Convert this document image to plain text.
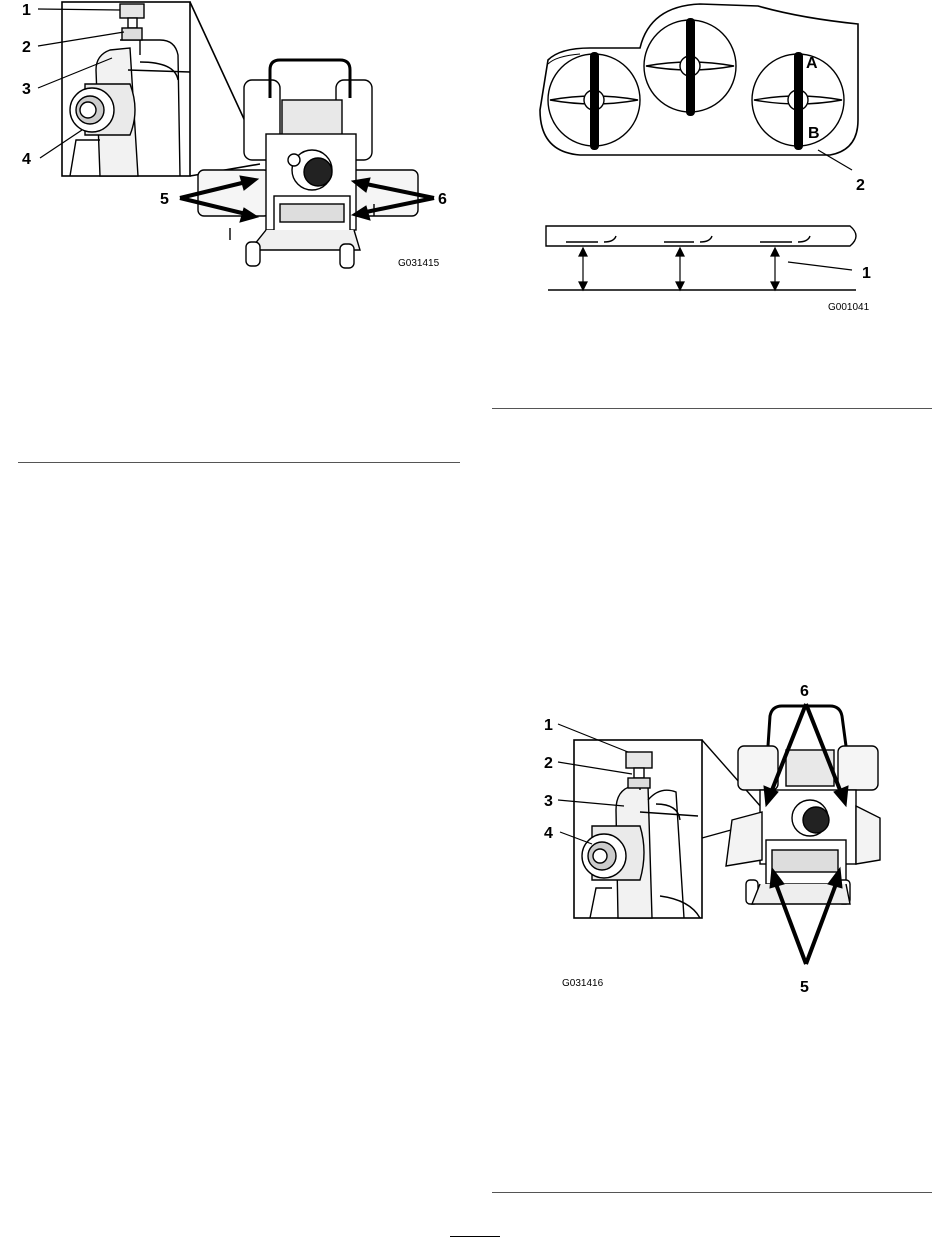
1
2
3
4
5	6
G031415
A
B
2
1
G001041
1
2
3
4
6
5
G031416
